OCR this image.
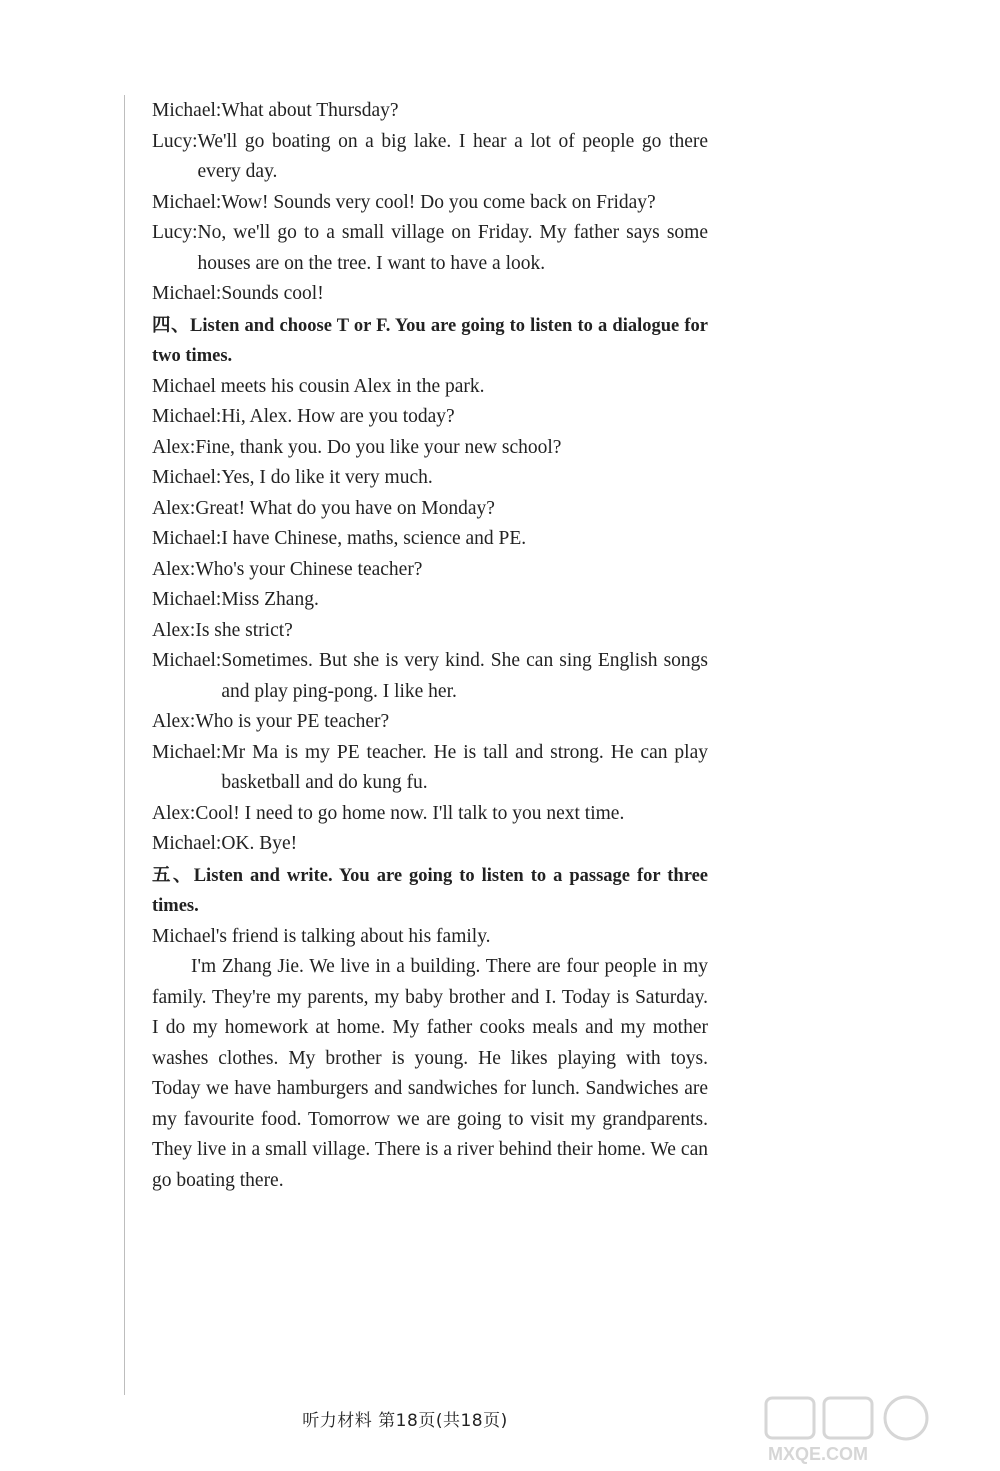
Michael: What about Thursday?

Lucy: We'll go boating on a big lake. I hear a lot of people go there every day.

Michael: Wow! Sounds very cool! Do you come back on Friday?

Lucy: No, we'll go to a small village on Friday. My father says some houses are on the tree. I want to have a look.

Michael: Sounds cool!

四、Listen and choose T or F. You are going to listen to a dialogue for two times.

Michael meets his cousin Alex in the park.

Michael: Hi, Alex. How are you today?

Alex: Fine, thank you. Do you like your new school?

Michael: Yes, I do like it very much.

Alex: Great! What do you have on Monday?

Michael: I have Chinese, maths, science and PE.

Alex: Who's your Chinese teacher?

Michael: Miss Zhang.

Alex: Is she strict?

Michael: Sometimes. But she is very kind. She can sing English songs and play ping-pong. I like her.

Alex: Who is your PE teacher?

Michael: Mr Ma is my PE teacher. He is tall and strong. He can play basketball and do kung fu.

Alex: Cool! I need to go home now. I'll talk to you next time.

Michael: OK. Bye!

五、Listen and write. You are going to listen to a passage for three times.

Michael's friend is talking about his family.

I'm Zhang Jie. We live in a building. There are four people in my family. They're my parents, my baby brother and I. Today is Saturday. I do my homework at home. My father cooks meals and my mother washes clothes. My brother is young. He likes playing with toys. Today we have hamburgers and sandwiches for lunch. Sandwiches are my favourite food. Tomorrow we are going to visit my grandparents. They live in a small village. There is a river behind their home. We can go boating there.

听力材料 第18页(共18页)
MXQE.COM
